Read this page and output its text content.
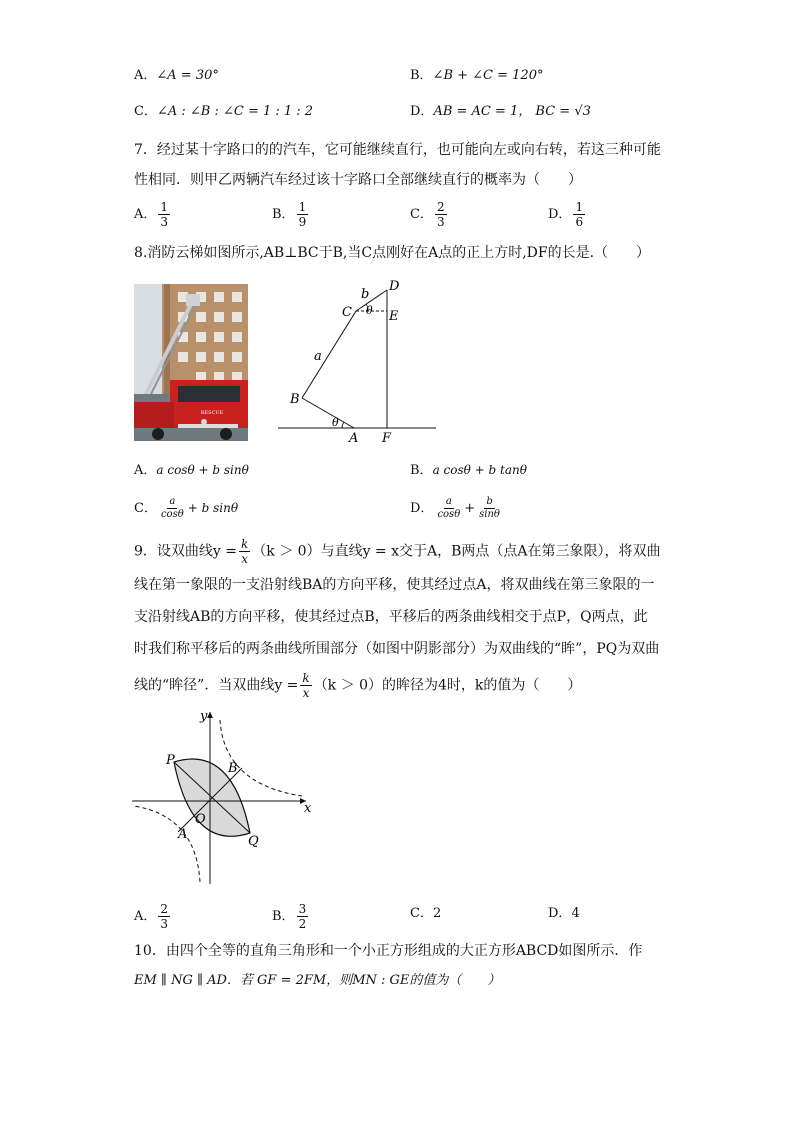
A．∠A = 30°	B．∠B + ∠C = 120°
C．∠A : ∠B : ∠C = 1 : 1 : 2	D．AB = AC = 1， BC = √3
7．经过某十字路口的的汽车，它可能继续直行，也可能向左或向右转，若这三种可能
性相同．则甲乙两辆汽车经过该十字路口全部继续直行的概率为（　　）
A． $\frac{1}{3}$	B． $\frac{1}{9}$	C． $\frac{2}{3}$	D． $\frac{1}{6}$
8.消防云梯如图所示,AB⊥BC于B,当C点刚好在A点的正上方时,DF的长是.（　　）
RESCUE
D
C
b
θ E
a
B
θ
A F
A．a cosθ + b sinθ	B．a cosθ + b tanθ
C． $\frac{a}{\cos\theta} + b$ sinθ	D． $\frac{a}{\cos\theta} + \frac{b}{\sin\theta}$
9．设双曲线$y = \frac{k}{x} (k > 0)$与直线y = x交于A，B两点（点A在第三象限），将双曲
线在第一象限的一支沿射线BA的方向平移，使其经过点A，将双曲线在第三象限的一
支沿射线AB的方向平移，使其经过点B，平移后的两条曲线相交于点P，Q两点，此
时我们称平移后的两条曲线所围部分（如图中阴影部分）为双曲线的“眸”，PQ为双曲
线的“眸径”．当双曲线$y = \frac{k}{x} (k > 0)$的眸径为4时，k的值为（　　）
y
x
P
B
O
A	Q
A． $\frac{2}{3}$	B． $\frac{3}{2}$	C．2	D．4
10．由四个全等的直角三角形和一个小正方形组成的大正方形ABCD如图所示．作
EM ∥ NG ∥ AD．若 GF = 2FM，则MN : GE的值为（　　）
